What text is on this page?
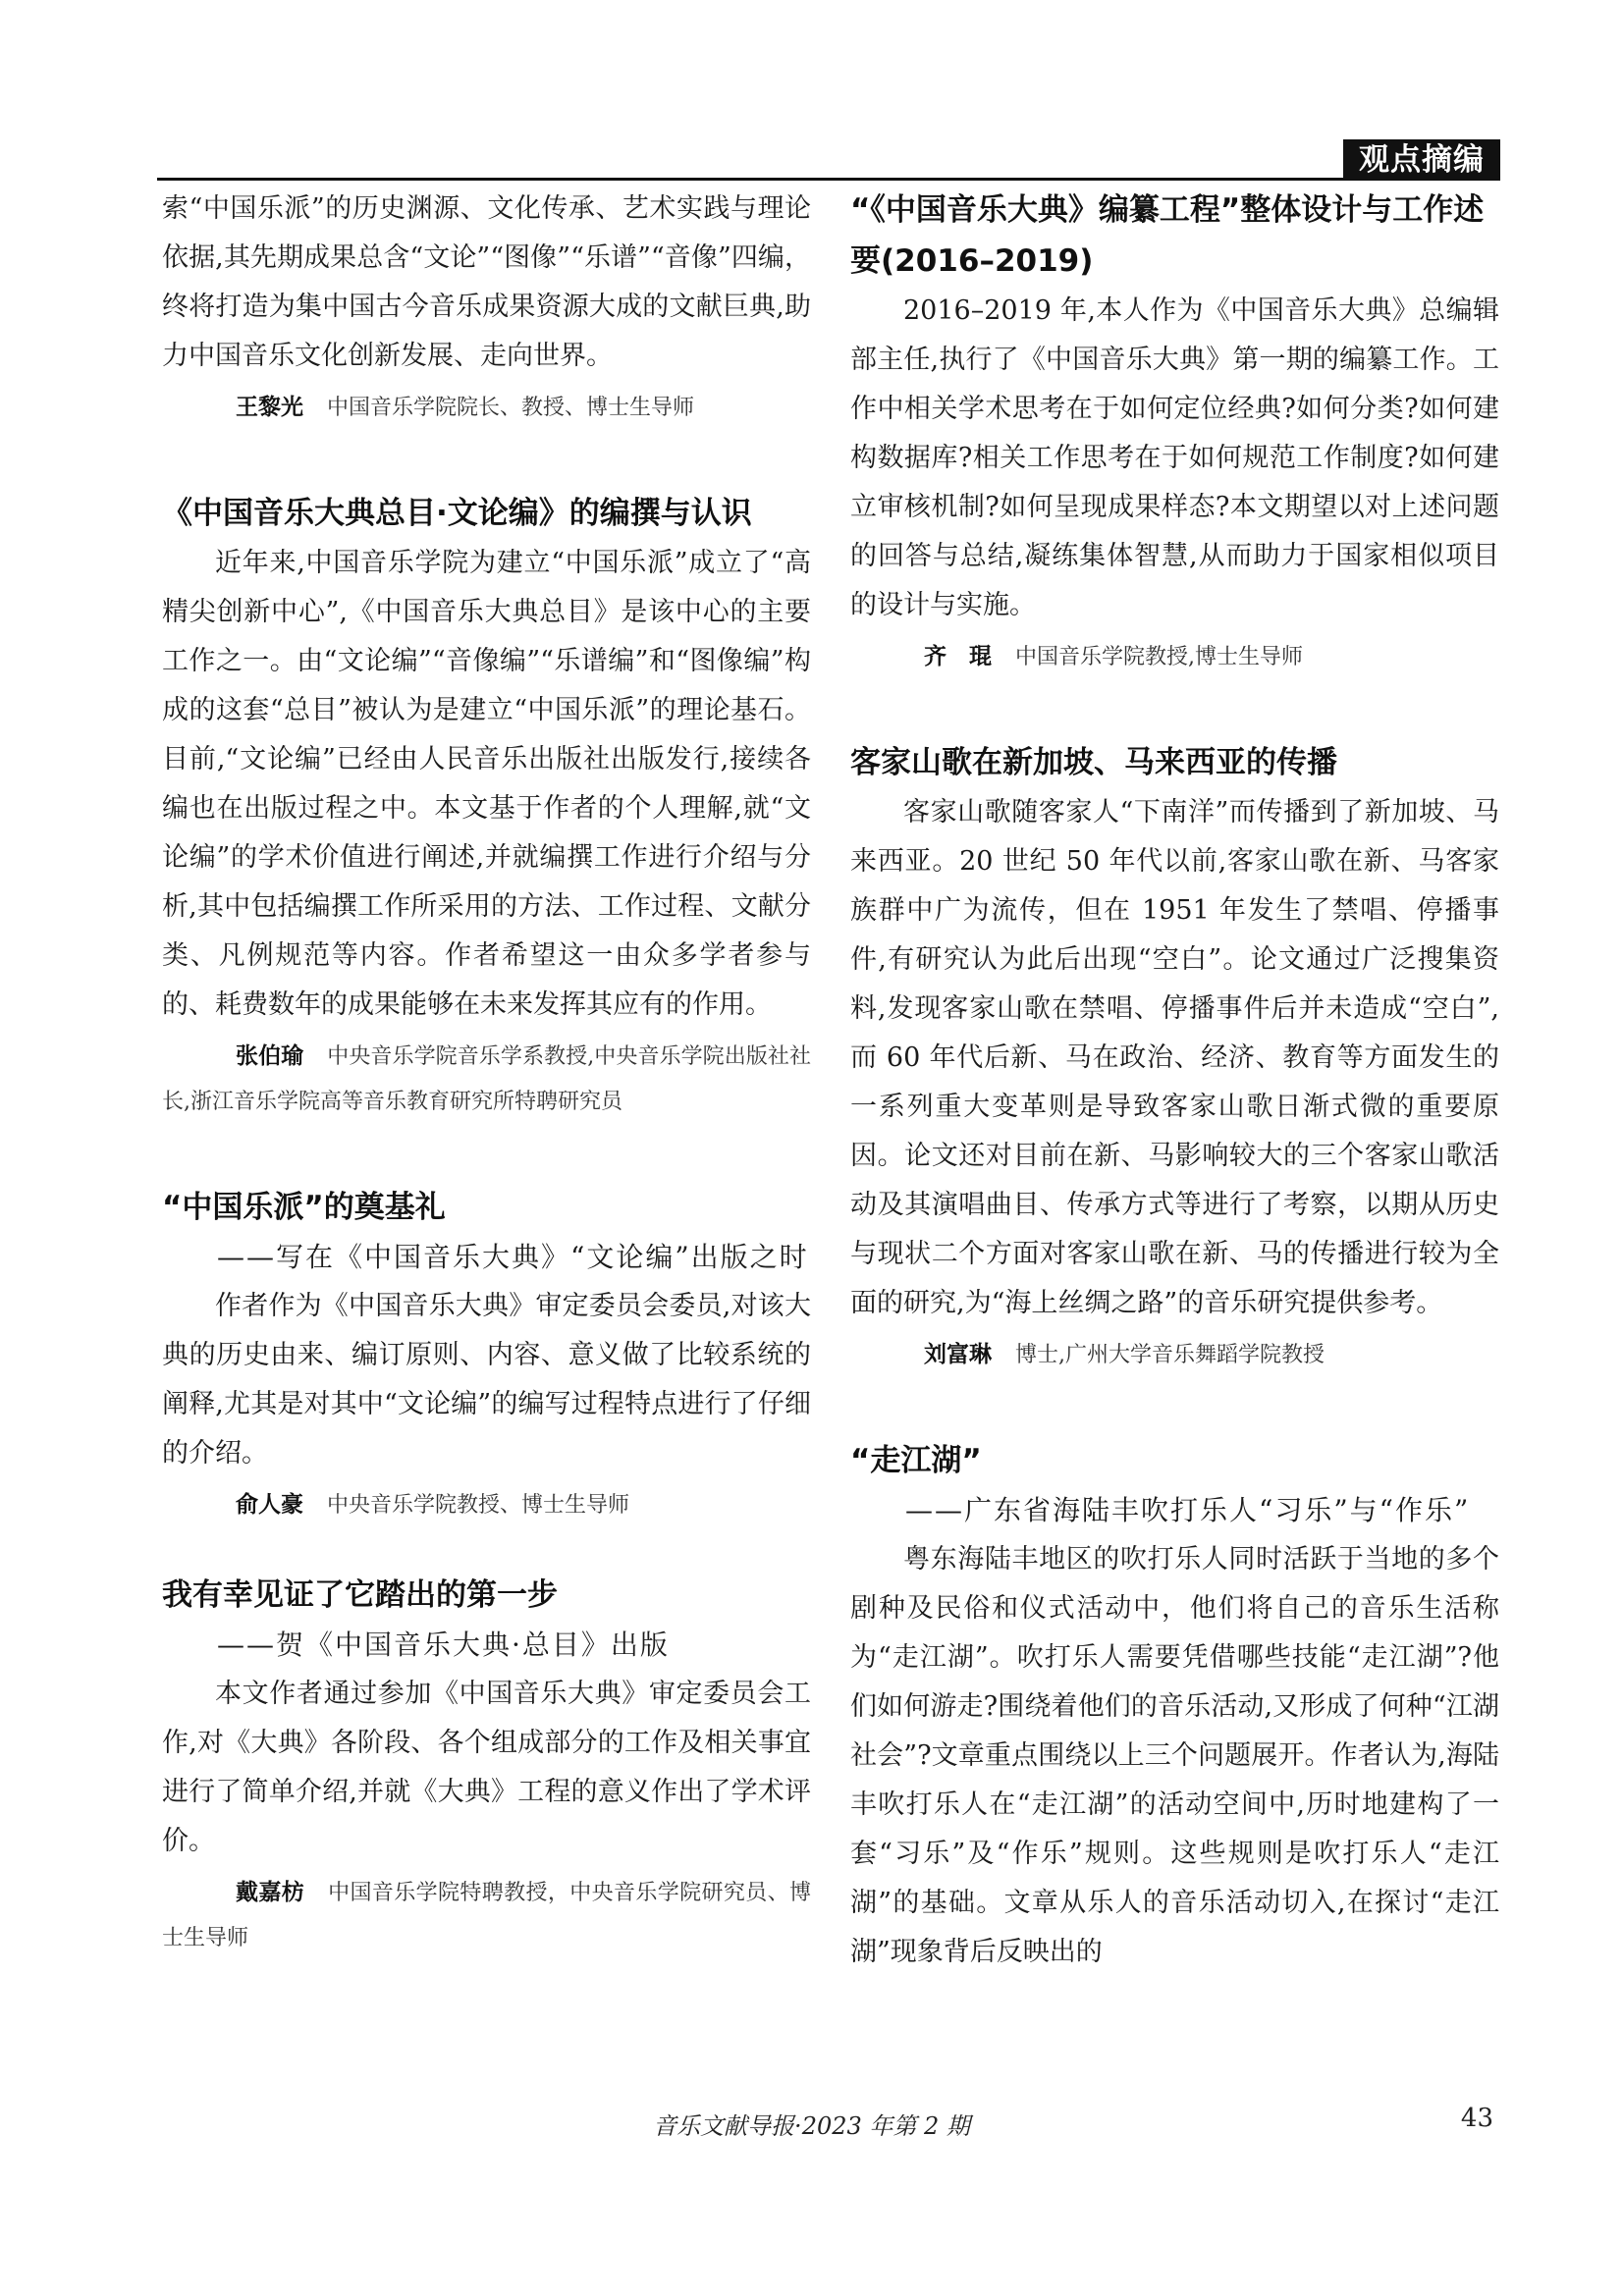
观点摘编

索“中国乐派”的历史渊源、文化传承、艺术实践与理论依据,其先期成果总含“文论”“图像”“乐谱”“音像”四编，终将打造为集中国古今音乐成果资源大成的文献巨典,助力中国音乐文化创新发展、走向世界。

王黎光 中国音乐学院院长、教授、博士生导师

《中国音乐大典总目·文论编》的编撰与认识

近年来,中国音乐学院为建立“中国乐派”成立了“高精尖创新中心”,《中国音乐大典总目》是该中心的主要工作之一。由“文论编”“音像编”“乐谱编”和“图像编”构成的这套“总目”被认为是建立“中国乐派”的理论基石。目前,“文论编”已经由人民音乐出版社出版发行,接续各编也在出版过程之中。本文基于作者的个人理解,就“文论编”的学术价值进行阐述,并就编撰工作进行介绍与分析,其中包括编撰工作所采用的方法、工作过程、文献分类、凡例规范等内容。作者希望这一由众多学者参与的、耗费数年的成果能够在未来发挥其应有的作用。

张伯瑜 中央音乐学院音乐学系教授,中央音乐学院出版社社长,浙江音乐学院高等音乐教育研究所特聘研究员

“中国乐派”的奠基礼

——写在《中国音乐大典》“文论编”出版之时

作者作为《中国音乐大典》审定委员会委员,对该大典的历史由来、编订原则、内容、意义做了比较系统的阐释,尤其是对其中“文论编”的编写过程特点进行了仔细的介绍。

俞人豪 中央音乐学院教授、博士生导师

我有幸见证了它踏出的第一步

——贺《中国音乐大典·总目》出版

本文作者通过参加《中国音乐大典》审定委员会工作,对《大典》各阶段、各个组成部分的工作及相关事宜进行了简单介绍,并就《大典》工程的意义作出了学术评价。

戴嘉枋 中国音乐学院特聘教授，中央音乐学院研究员、博士生导师

“《中国音乐大典》编纂工程”整体设计与工作述要(2016–2019)

2016–2019 年,本人作为《中国音乐大典》总编辑部主任,执行了《中国音乐大典》第一期的编纂工作。工作中相关学术思考在于如何定位经典?如何分类?如何建构数据库?相关工作思考在于如何规范工作制度?如何建立审核机制?如何呈现成果样态?本文期望以对上述问题的回答与总结,凝练集体智慧,从而助力于国家相似项目的设计与实施。

齐　琨 中国音乐学院教授,博士生导师

客家山歌在新加坡、马来西亚的传播

客家山歌随客家人“下南洋”而传播到了新加坡、马来西亚。20 世纪 50 年代以前,客家山歌在新、马客家族群中广为流传，但在 1951 年发生了禁唱、停播事件,有研究认为此后出现“空白”。论文通过广泛搜集资料,发现客家山歌在禁唱、停播事件后并未造成“空白”,而 60 年代后新、马在政治、经济、教育等方面发生的一系列重大变革则是导致客家山歌日渐式微的重要原因。论文还对目前在新、马影响较大的三个客家山歌活动及其演唱曲目、传承方式等进行了考察，以期从历史与现状二个方面对客家山歌在新、马的传播进行较为全面的研究,为“海上丝绸之路”的音乐研究提供参考。

刘富琳 博士,广州大学音乐舞蹈学院教授

“走江湖”

——广东省海陆丰吹打乐人“习乐”与“作乐”

粤东海陆丰地区的吹打乐人同时活跃于当地的多个剧种及民俗和仪式活动中，他们将自己的音乐生活称为“走江湖”。吹打乐人需要凭借哪些技能“走江湖”?他们如何游走?围绕着他们的音乐活动,又形成了何种“江湖社会”?文章重点围绕以上三个问题展开。作者认为,海陆丰吹打乐人在“走江湖”的活动空间中,历时地建构了一套“习乐”及“作乐”规则。这些规则是吹打乐人“走江湖”的基础。文章从乐人的音乐活动切入,在探讨“走江湖”现象背后反映出的

音乐文献导报·2023 年第 2 期	43
